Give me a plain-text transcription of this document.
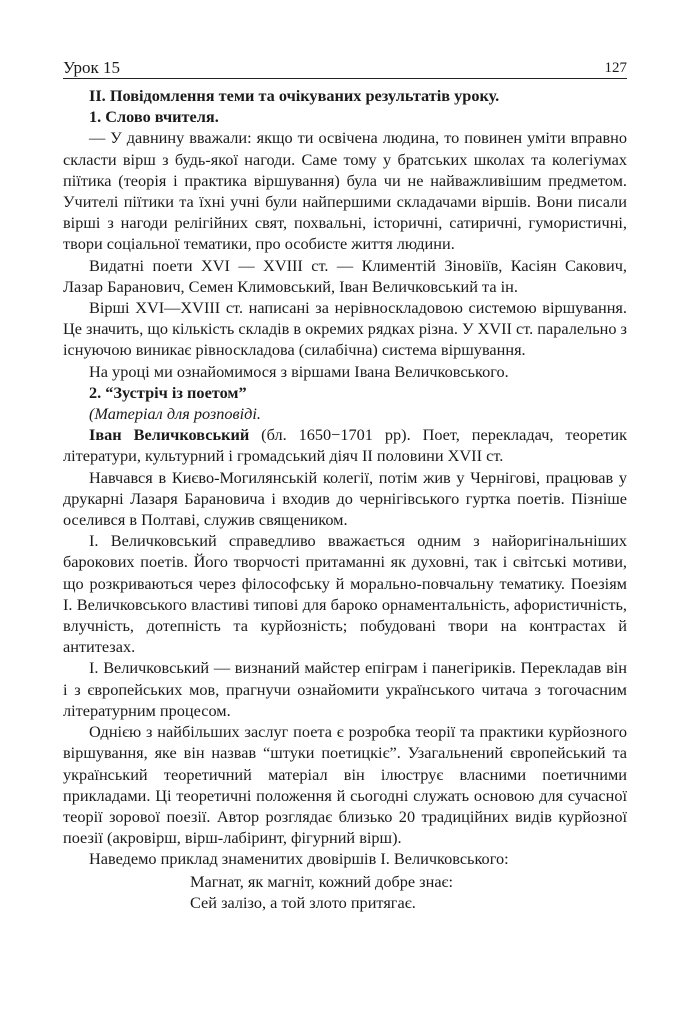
Урок 15	127

ІІ. Повідомлення теми та очікуваних результатів уроку.

1. Слово вчителя.

— У давнину вважали: якщо ти освічена людина, то повинен уміти вправно скласти вірш з будь-якої нагоди. Саме тому у братських школах та колегіумах піїтика (теорія і практика віршування) була чи не найважливішим предметом. Учителі піїтики та їхні учні були найпершими складачами віршів. Вони писали вірші з нагоди релігійних свят, похвальні, історичні, сатиричні, гумористичні, твори соціальної тематики, про особисте життя людини.

Видатні поети XVI — XVIII ст. — Климентій Зіновіїв, Касіян Сакович, Лазар Баранович, Семен Климовський, Іван Величковський та ін.

Вірші XVI—XVIII ст. написані за нерівноскладовою системою віршування. Це значить, що кількість складів в окремих рядках різна. У XVII ст. паралельно з існуючою виникає рівноскладова (силабічна) система віршування.

На уроці ми ознайомимося з віршами Івана Величковського.

2. “Зустріч із поетом”

(Матеріал для розповіді.

Іван Величковський (бл. 1650−1701 рр). Поет, перекладач, теоретик літератури, культурний і громадський діяч ІІ половини XVII ст.

Навчався в Києво-Могилянській колегії, потім жив у Чернігові, працював у друкарні Лазаря Барановича і входив до чернігівського гуртка поетів. Пізніше оселився в Полтаві, служив священиком.

І. Величковський справедливо вважається одним з найоригінальніших барокових поетів. Його творчості притаманні як духовні, так і світські мотиви, що розкриваються через філософську й морально-повчальну тематику. Поезіям І. Величковського властиві типові для бароко орнаментальність, афористичність, влучність, дотепність та курйозність; побудовані твори на контрастах й антитезах.

І. Величковський — визнаний майстер епіграм і панегіриків. Перекладав він і з європейських мов, прагнучи ознайомити українського читача з тогочасним літературним процесом.

Однією з найбільших заслуг поета є розробка теорії та практики курйозного віршування, яке він назвав “штуки поетицкіє”. Узагальнений європейський та український теоретичний матеріал він ілюструє власними поетичними прикладами. Ці теоретичні положення й сьогодні служать основою для сучасної теорії зорової поезії. Автор розглядає близько 20 традиційних видів курйозної поезії (акровірш, вірш-лабіринт, фігурний вірш).

Наведемо приклад знаменитих двовіршів І. Величковського:

Магнат, як магніт, кожний добре знає:

Сей залізо, а той злото притягає.
